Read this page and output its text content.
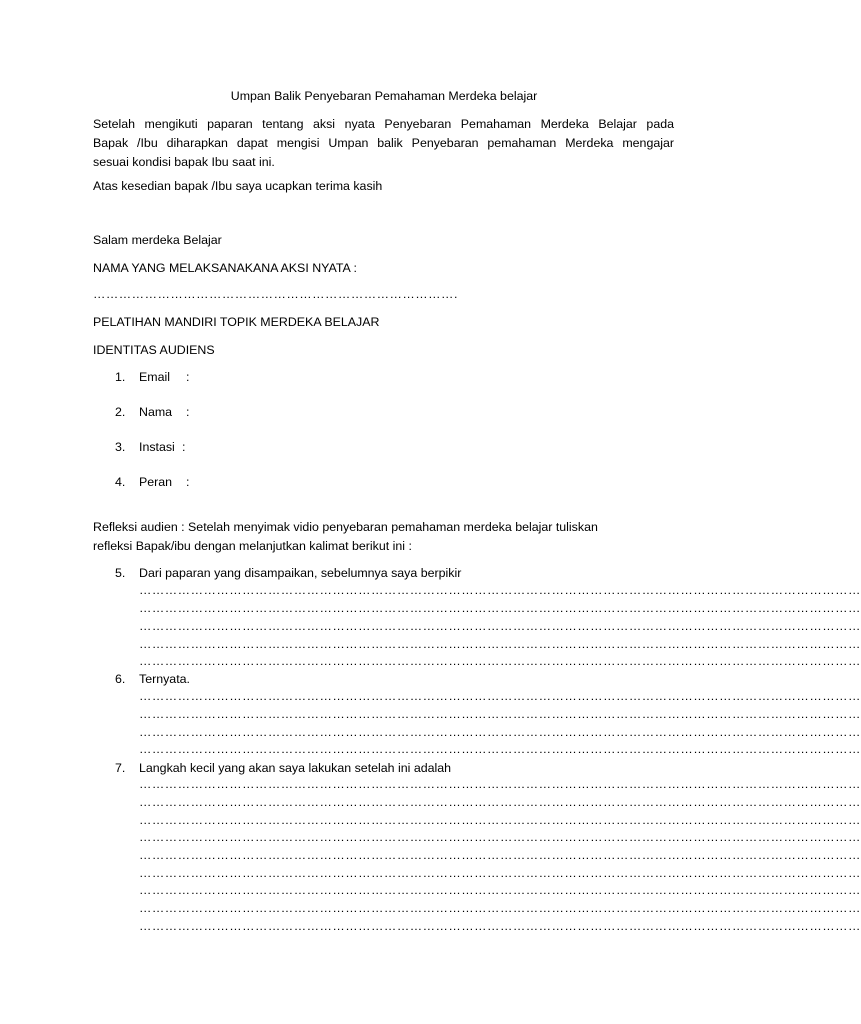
Umpan Balik Penyebaran Pemahaman Merdeka belajar
Setelah mengikuti paparan tentang aksi nyata Penyebaran Pemahaman Merdeka Belajar pada
Bapak /Ibu diharapkan dapat mengisi Umpan balik Penyebaran pemahaman Merdeka mengajar
sesuai kondisi bapak Ibu saat ini.
Atas kesedian bapak /Ibu saya ucapkan terima kasih
Salam merdeka Belajar
NAMA YANG MELAKSANAKANA AKSI NYATA :
………………………………………………………………………….
PELATIHAN MANDIRI TOPIK MERDEKA BELAJAR
IDENTITAS AUDIENS
1. Email :
2. Nama :
3. Instasi :
4. Peran :
Refleksi audien : Setelah menyimak vidio penyebaran pemahaman merdeka belajar tuliskan
refleksi Bapak/ibu dengan melanjutkan kalimat berikut ini :
5. Dari paparan yang disampaikan, sebelumnya saya berpikir
……………………………………………………………………………………………………………………………………………………
……………………………………………………………………………………………………………………………………………………
……………………………………………………………………………………………………………………………………………………
……………………………………………………………………………………………………………………………………………………
……………………………………………………………………………………………………………………………………………………
6. Ternyata.
……………………………………………………………………………………………………………………………………………………
……………………………………………………………………………………………………………………………………………………
……………………………………………………………………………………………………………………………………………………
……………………………………………………………………………………………………………………………………………………
7. Langkah kecil yang akan saya lakukan setelah ini adalah
……………………………………………………………………………………………………………………………………………………
……………………………………………………………………………………………………………………………………………………
……………………………………………………………………………………………………………………………………………………
……………………………………………………………………………………………………………………………………………………
……………………………………………………………………………………………………………………………………………………
……………………………………………………………………………………………………………………………………………………
……………………………………………………………………………………………………………………………………………………
……………………………………………………………………………………………………………………………………………………
……………………………………………………………………………………………………………………………………………………
